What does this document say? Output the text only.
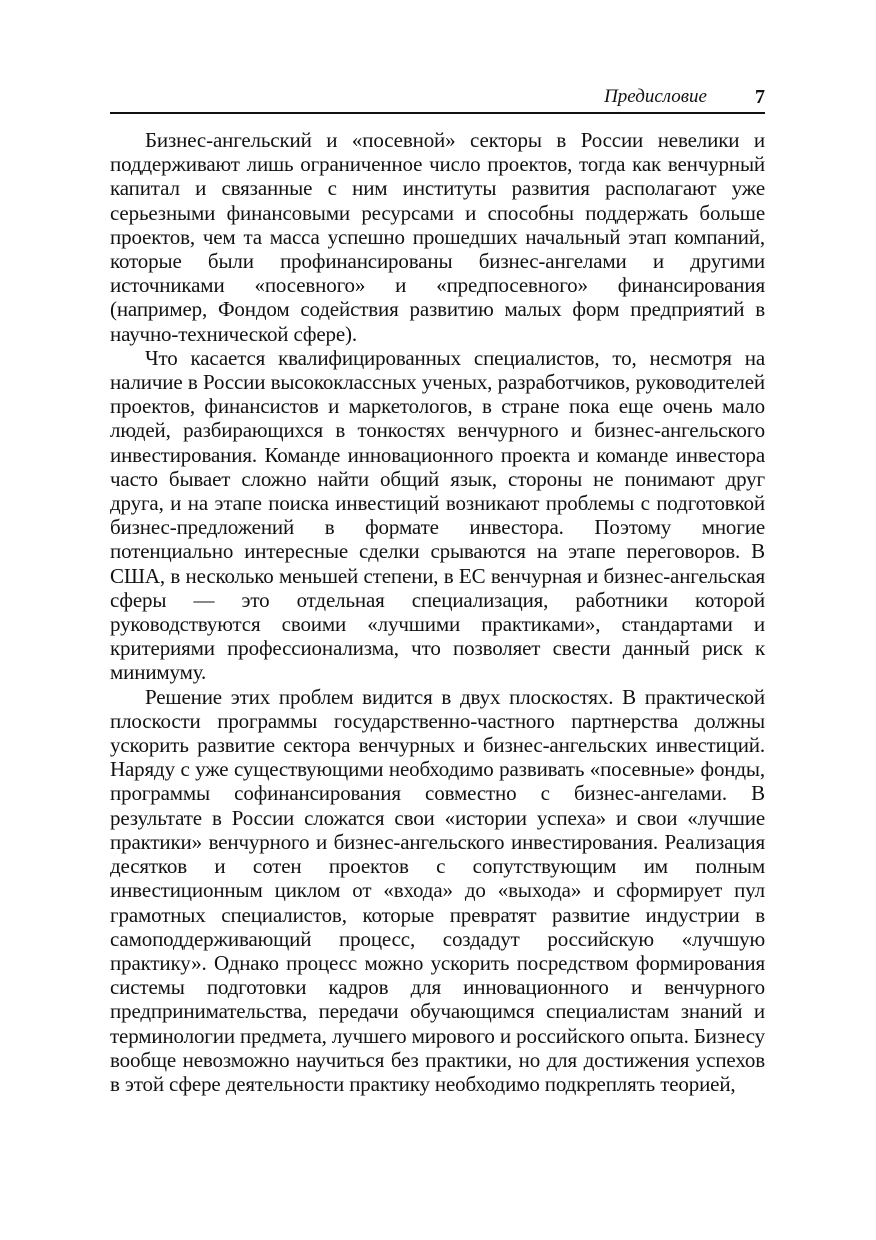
Предисловие 7

Бизнес-ангельский и «посевной» секторы в России невелики и поддерживают лишь ограниченное число проектов, тогда как венчурный капитал и связанные с ним институты развития располагают уже серьезными финансовыми ресурсами и способны поддержать больше проектов, чем та масса успешно прошедших начальный этап компаний, которые были профинансированы бизнес-ангелами и другими источниками «посевного» и «предпосевного» финансирования (например, Фондом содействия развитию малых форм предприятий в научно-технической сфере).

Что касается квалифицированных специалистов, то, несмотря на наличие в России высококлассных ученых, разработчиков, руководителей проектов, финансистов и маркетологов, в стране пока еще очень мало людей, разбирающихся в тонкостях венчурного и бизнес-ангельского инвестирования. Команде инновационного проекта и команде инвестора часто бывает сложно найти общий язык, стороны не понимают друг друга, и на этапе поиска инвестиций возникают проблемы с подготовкой бизнес-предложений в формате инвестора. Поэтому многие потенциально интересные сделки срываются на этапе переговоров. В США, в несколько меньшей степени, в ЕС венчурная и бизнес-ангельская сферы — это отдельная специализация, работники которой руководствуются своими «лучшими практиками», стандартами и критериями профессионализма, что позволяет свести данный риск к минимуму.

Решение этих проблем видится в двух плоскостях. В практической плоскости программы государственно-частного партнерства должны ускорить развитие сектора венчурных и бизнес-ангельских инвестиций. Наряду с уже существующими необходимо развивать «посевные» фонды, программы софинансирования совместно с бизнес-ангелами. В результате в России сложатся свои «истории успеха» и свои «лучшие практики» венчурного и бизнес-ангельского инвестирования. Реализация десятков и сотен проектов с сопутствующим им полным инвестиционным циклом от «входа» до «выхода» и сформирует пул грамотных специалистов, которые превратят развитие индустрии в самоподдерживающий процесс, создадут российскую «лучшую практику». Однако процесс можно ускорить посредством формирования системы подготовки кадров для инновационного и венчурного предпринимательства, передачи обучающимся специалистам знаний и терминологии предмета, лучшего мирового и российского опыта. Бизнесу вообще невозможно научиться без практики, но для достижения успехов в этой сфере деятельности практику необходимо подкреплять теорией,
